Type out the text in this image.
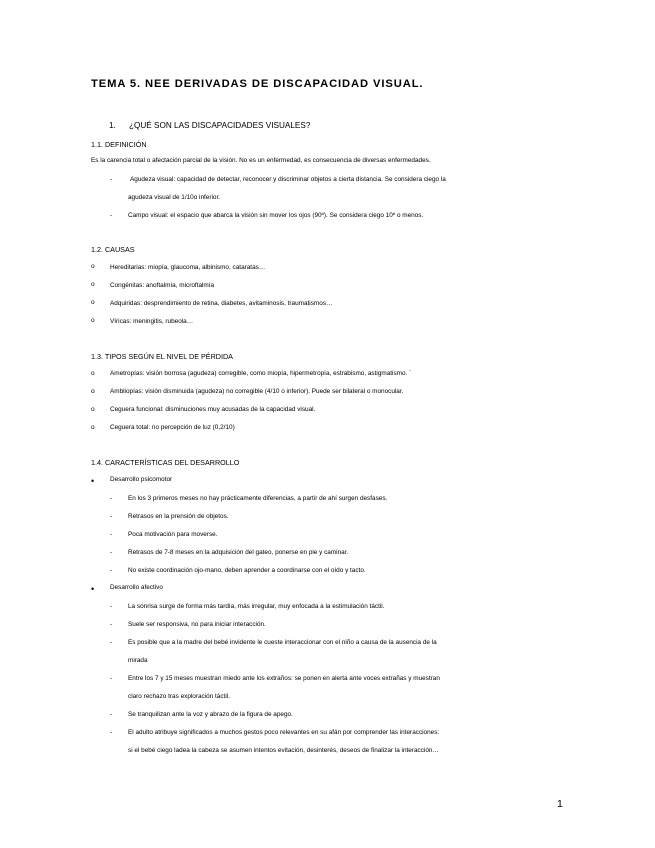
TEMA 5. NEE DERIVADAS DE DISCAPACIDAD VISUAL.
1. ¿QUÉ SON LAS DISCAPACIDADES VISUALES?
1.1. DEFINICIÓN
Es la carencia total o afectación parcial de la visión. No es un enfermedad, es consecuencia de diversas enfermedades.
-	Agudeza visual: capacidad de detectar, reconocer y discriminar objetos a cierta distancia. Se considera ciego la
agudeza visual de 1/10o inferior.
- Campo visual: el espacio que abarca la visión sin mover los ojos (90º). Se considera ciego 10º o menos.
1.2. CAUSAS
o Hereditarias: miopía, glaucoma, albinismo, cataratas…
o Congénitas: anoftalmía, microftalmía
o Adquiridas: desprendimiento de retina, diabetes, avitaminosis, traumatismos…
o Víricas: meningitis, rubeola…
1.3. TIPOS SEGÚN EL NIVEL DE PÉRDIDA
o Ametropías: visión borrosa (agudeza) corregible, como miopía, hipermetropía, estrabismo, astigmatismo. `
o Ambliopías: visión disminuida (agudeza) no corregible (4/10 o inferior). Puede ser bilateral o monocular.
o Ceguera funcional: disminuciones muy acusadas de la capacidad visual.
o Ceguera total: no percepción de luz (0,2/10)
1.4. CARACTERÍSTICAS DEL DESARROLLO
• Desarrollo psicomotor
- En los 3 primeros meses no hay prácticamente diferencias, a partir de ahí surgen desfases.
- Retrasos en la prensión de objetos.
- Poca motivación para moverse.
- Retrasos de 7-8 meses en la adquisición del gateo, ponerse en pie y caminar.
- No existe coordinación ojo-mano, deben aprender a coordinarse con el oído y tacto.
• Desarrollo afectivo
- La sonrisa surge de forma más tardía, más irregular, muy enfocada a la estimulación táctil.
- Suele ser responsiva, no para iniciar interacción.
- Es posible que a la madre del bebé invidente le cueste interaccionar con el niño a causa de la ausencia de la
mirada
- Entre los 7 y 15 meses muestran miedo ante los extraños: se ponen en alerta ante voces extrañas y muestran
claro rechazo tras exploración táctil.
- Se tranquilizan ante la voz y abrazo de la figura de apego.
- El adulto atribuye significados a muchos gestos poco relevantes en su afán por comprender las interacciones:
si el bebé ciego ladea la cabeza se asumen intentos evitación, desinterés, deseos de finalizar la interacción…
1
